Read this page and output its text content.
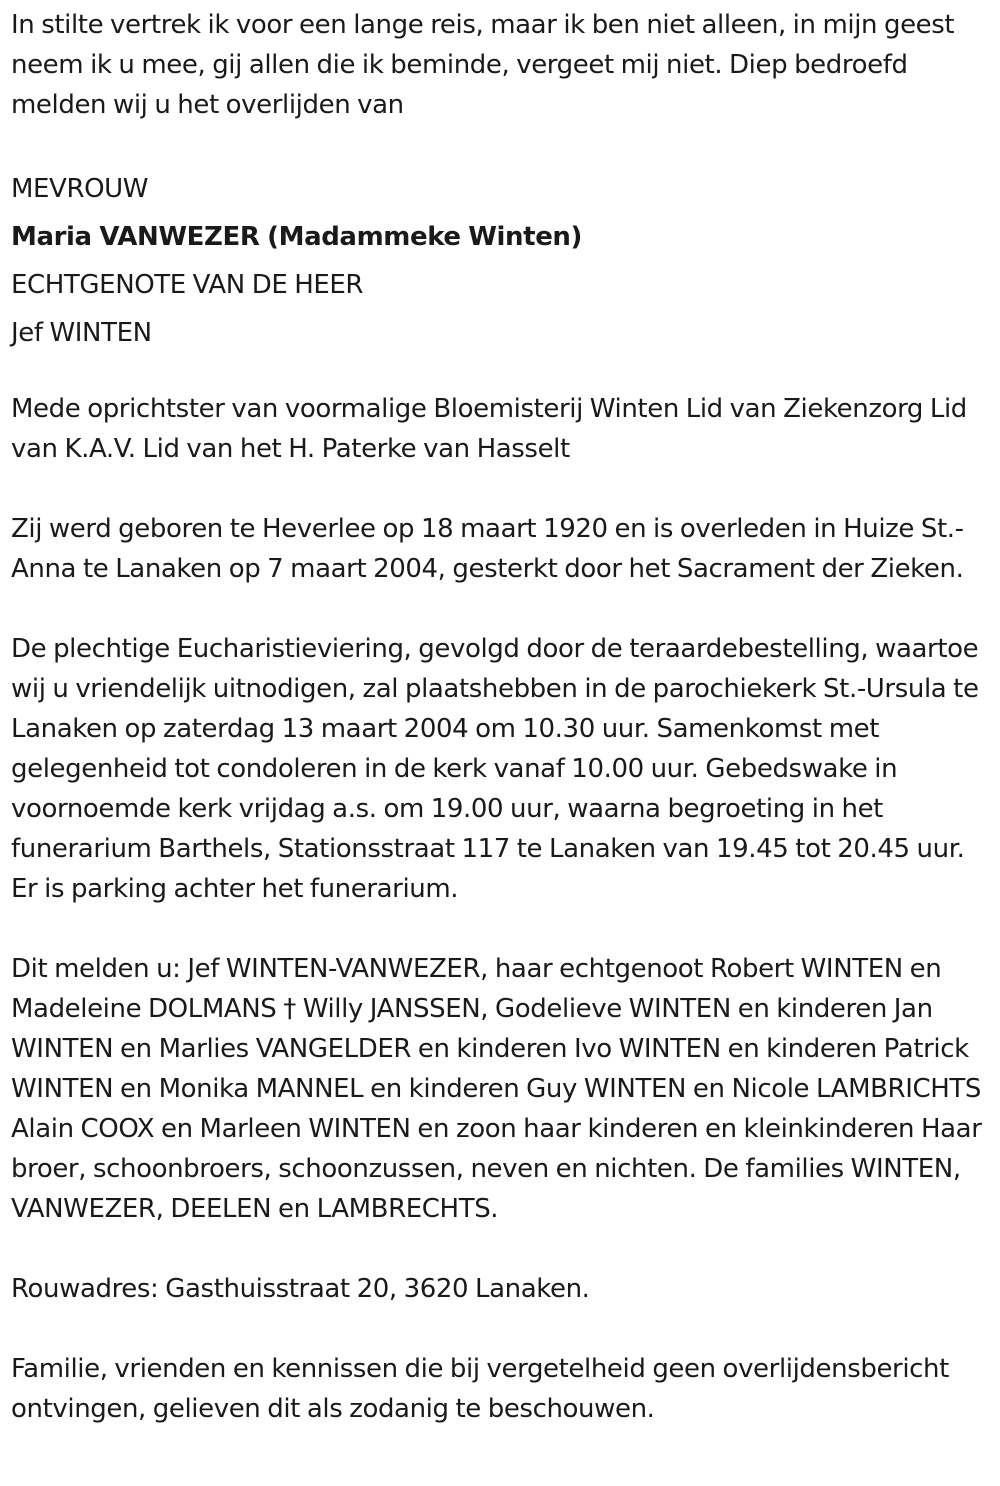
In stilte vertrek ik voor een lange reis, maar ik ben niet alleen, in mijn geest neem ik u mee, gij allen die ik beminde, vergeet mij niet. Diep bedroefd melden wij u het overlijden van

MEVROUW
Maria VANWEZER (Madammeke Winten)
ECHTGENOTE VAN DE HEER
Jef WINTEN

Mede oprichtster van voormalige Bloemisterij Winten Lid van Ziekenzorg Lid van K.A.V. Lid van het H. Paterke van Hasselt

Zij werd geboren te Heverlee op 18 maart 1920 en is overleden in Huize St.-Anna te Lanaken op 7 maart 2004, gesterkt door het Sacrament der Zieken.

De plechtige Eucharistieviering, gevolgd door de teraardebestelling, waartoe wij u vriendelijk uitnodigen, zal plaatshebben in de parochiekerk St.-Ursula te Lanaken op zaterdag 13 maart 2004 om 10.30 uur. Samenkomst met gelegenheid tot condoleren in de kerk vanaf 10.00 uur. Gebedswake in voornoemde kerk vrijdag a.s. om 19.00 uur, waarna begroeting in het funerarium Barthels, Stationsstraat 117 te Lanaken van 19.45 tot 20.45 uur. Er is parking achter het funerarium.

Dit melden u: Jef WINTEN-VANWEZER, haar echtgenoot Robert WINTEN en Madeleine DOLMANS † Willy JANSSEN, Godelieve WINTEN en kinderen Jan WINTEN en Marlies VANGELDER en kinderen Ivo WINTEN en kinderen Patrick WINTEN en Monika MANNEL en kinderen Guy WINTEN en Nicole LAMBRICHTS Alain COOX en Marleen WINTEN en zoon haar kinderen en kleinkinderen Haar broer, schoonbroers, schoonzussen, neven en nichten. De families WINTEN, VANWEZER, DEELEN en LAMBRECHTS.

Rouwadres: Gasthuisstraat 20, 3620 Lanaken.

Familie, vrienden en kennissen die bij vergetelheid geen overlijdensbericht ontvingen, gelieven dit als zodanig te beschouwen.
